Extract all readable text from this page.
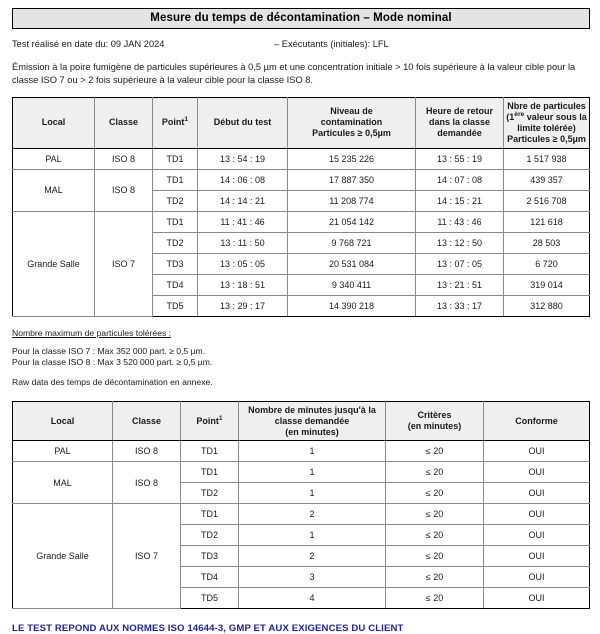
Mesure du temps de décontamination – Mode nominal
Test réalisé en date du: 09 JAN 2024	– Exécutants (initiales): LFL
Émission à la poire fumigène de particules supérieures à 0,5 µm et une concentration initiale > 10 fois supérieure à la valeur cible pour la classe ISO 7 ou > 2 fois supérieure à la valeur cible pour la classe ISO 8.
Local	Classe	Point$^1$	Début du test	Niveau de
contamination
Particules ≥ 0,5µm	Heure de retour
dans la classe
demandée	Nbre de particules
(1ère valeur sous la
limite tolérée)
Particules ≥ 0,5µm
PAL	ISO 8	TD1	13 : 54 : 19	15 235 226	13 : 55 : 19	1 517 938
MAL	ISO 8	TD1	14 : 06 : 08	17 887 350	14 : 07 : 08	439 357
		TD2	14 : 14 : 21	11 208 774	14 : 15 : 21	2 516 708
Grande Salle	ISO 7	TD1	11 : 41 : 46	21 054 142	11 : 43 : 46	121 618
		TD2	13 : 11 : 50	9 768 721	13 : 12 : 50	28 503
		TD3	13 : 05 : 05	20 531 084	13 : 07 : 05	6 720
		TD4	13 : 18 : 51	9 340 411	13 : 21 : 51	319 014
		TD5	13 : 29 : 17	14 390 218	13 : 33 : 17	312 880
Nombre maximum de particules tolérées :
Pour la classe ISO 7 : Max 352 000 part. ≥ 0,5 µm.
Pour la classe ISO 8 : Max 3 520 000 part. ≥ 0,5 µm.
Raw data des temps de décontamination en annexe.
Local	Classe	Point$^1$	Nombre de minutes jusqu'à la
classe demandée
(en minutes)	Critères
(en minutes)	Conforme
PAL	ISO 8	TD1	1	≤ 20	OUI
MAL	ISO 8	TD1	1	≤ 20	OUI
		TD2	1	≤ 20	OUI
Grande Salle	ISO 7	TD1	2	≤ 20	OUI
		TD2	1	≤ 20	OUI
		TD3	2	≤ 20	OUI
		TD4	3	≤ 20	OUI
		TD5	4	≤ 20	OUI
LE TEST REPOND AUX NORMES ISO 14644-3, GMP ET AUX EXIGENCES DU CLIENT
